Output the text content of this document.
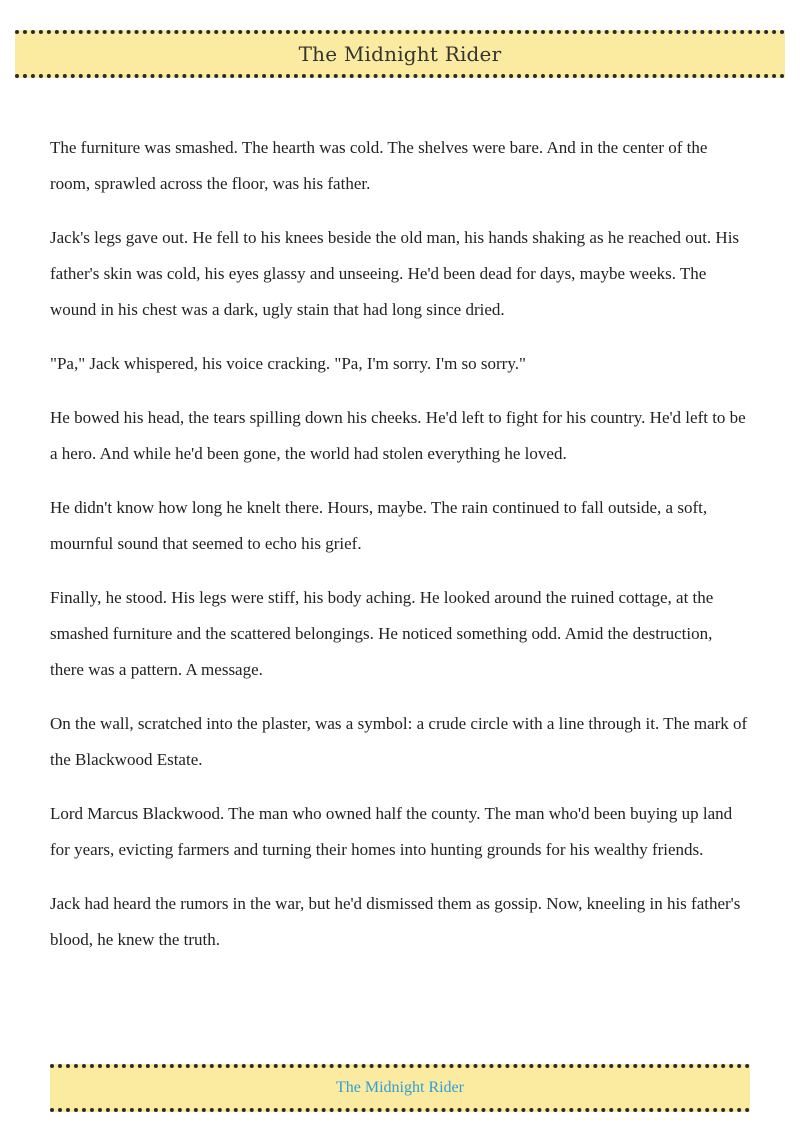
The Midnight Rider

The furniture was smashed. The hearth was cold. The shelves were bare. And in the center of the room, sprawled across the floor, was his father.

Jack's legs gave out. He fell to his knees beside the old man, his hands shaking as he reached out. His father's skin was cold, his eyes glassy and unseeing. He'd been dead for days, maybe weeks. The wound in his chest was a dark, ugly stain that had long since dried.

"Pa," Jack whispered, his voice cracking. "Pa, I'm sorry. I'm so sorry."

He bowed his head, the tears spilling down his cheeks. He'd left to fight for his country. He'd left to be a hero. And while he'd been gone, the world had stolen everything he loved.

He didn't know how long he knelt there. Hours, maybe. The rain continued to fall outside, a soft, mournful sound that seemed to echo his grief.

Finally, he stood. His legs were stiff, his body aching. He looked around the ruined cottage, at the smashed furniture and the scattered belongings. He noticed something odd. Amid the destruction, there was a pattern. A message.

On the wall, scratched into the plaster, was a symbol: a crude circle with a line through it. The mark of the Blackwood Estate.

Lord Marcus Blackwood. The man who owned half the county. The man who'd been buying up land for years, evicting farmers and turning their homes into hunting grounds for his wealthy friends.

Jack had heard the rumors in the war, but he'd dismissed them as gossip. Now, kneeling in his father's blood, he knew the truth.

The Midnight Rider
